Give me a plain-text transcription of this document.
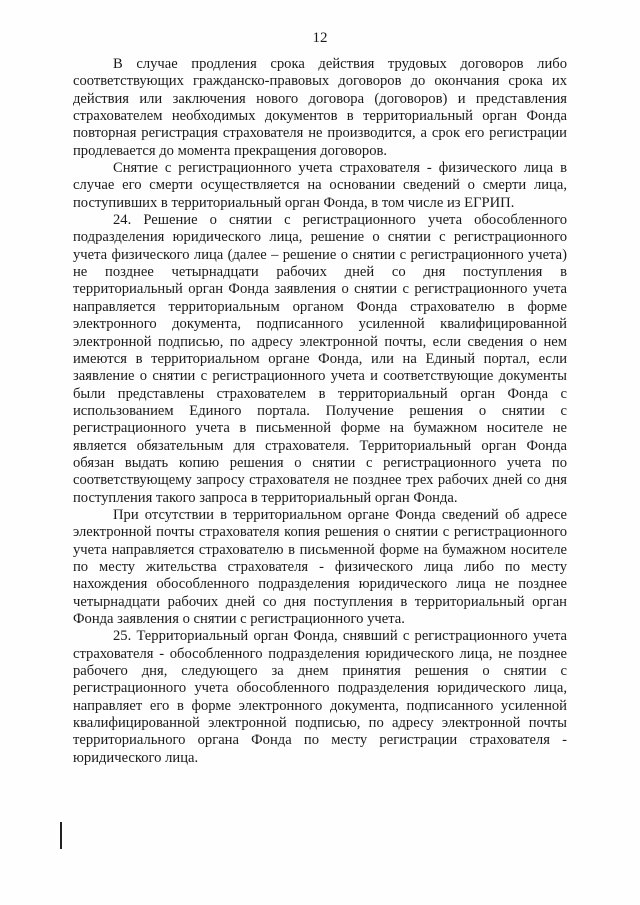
12

В случае продления срока действия трудовых договоров либо соответствующих гражданско-правовых договоров до окончания срока их действия или заключения нового договора (договоров) и представления страхователем необходимых документов в территориальный орган Фонда повторная регистрация страхователя не производится, а срок его регистрации продлевается до момента прекращения договоров.

Снятие с регистрационного учета страхователя - физического лица в случае его смерти осуществляется на основании сведений о смерти лица, поступивших в территориальный орган Фонда, в том числе из ЕГРИП.

24. Решение о снятии с регистрационного учета обособленного подразделения юридического лица, решение о снятии с регистрационного учета физического лица (далее – решение о снятии с регистрационного учета) не позднее четырнадцати рабочих дней со дня поступления в территориальный орган Фонда заявления о снятии с регистрационного учета направляется территориальным органом Фонда страхователю в форме электронного документа, подписанного усиленной квалифицированной электронной подписью, по адресу электронной почты, если сведения о нем имеются в территориальном органе Фонда, или на Единый портал, если заявление о снятии с регистрационного учета и соответствующие документы были представлены страхователем в территориальный орган Фонда с использованием Единого портала. Получение решения о снятии с регистрационного учета в письменной форме на бумажном носителе не является обязательным для страхователя. Территориальный орган Фонда обязан выдать копию решения о снятии с регистрационного учета по соответствующему запросу страхователя не позднее трех рабочих дней со дня поступления такого запроса в территориальный орган Фонда.

При отсутствии в территориальном органе Фонда сведений об адресе электронной почты страхователя копия решения о снятии с регистрационного учета направляется страхователю в письменной форме на бумажном носителе по месту жительства страхователя - физического лица либо по месту нахождения обособленного подразделения юридического лица не позднее четырнадцати рабочих дней со дня поступления в территориальный орган Фонда заявления о снятии с регистрационного учета.

25. Территориальный орган Фонда, снявший с регистрационного учета страхователя - обособленного подразделения юридического лица, не позднее рабочего дня, следующего за днем принятия решения о снятии с регистрационного учета обособленного подразделения юридического лица, направляет его в форме электронного документа, подписанного усиленной квалифицированной электронной подписью, по адресу электронной почты территориального органа Фонда по месту регистрации страхователя - юридического лица.
